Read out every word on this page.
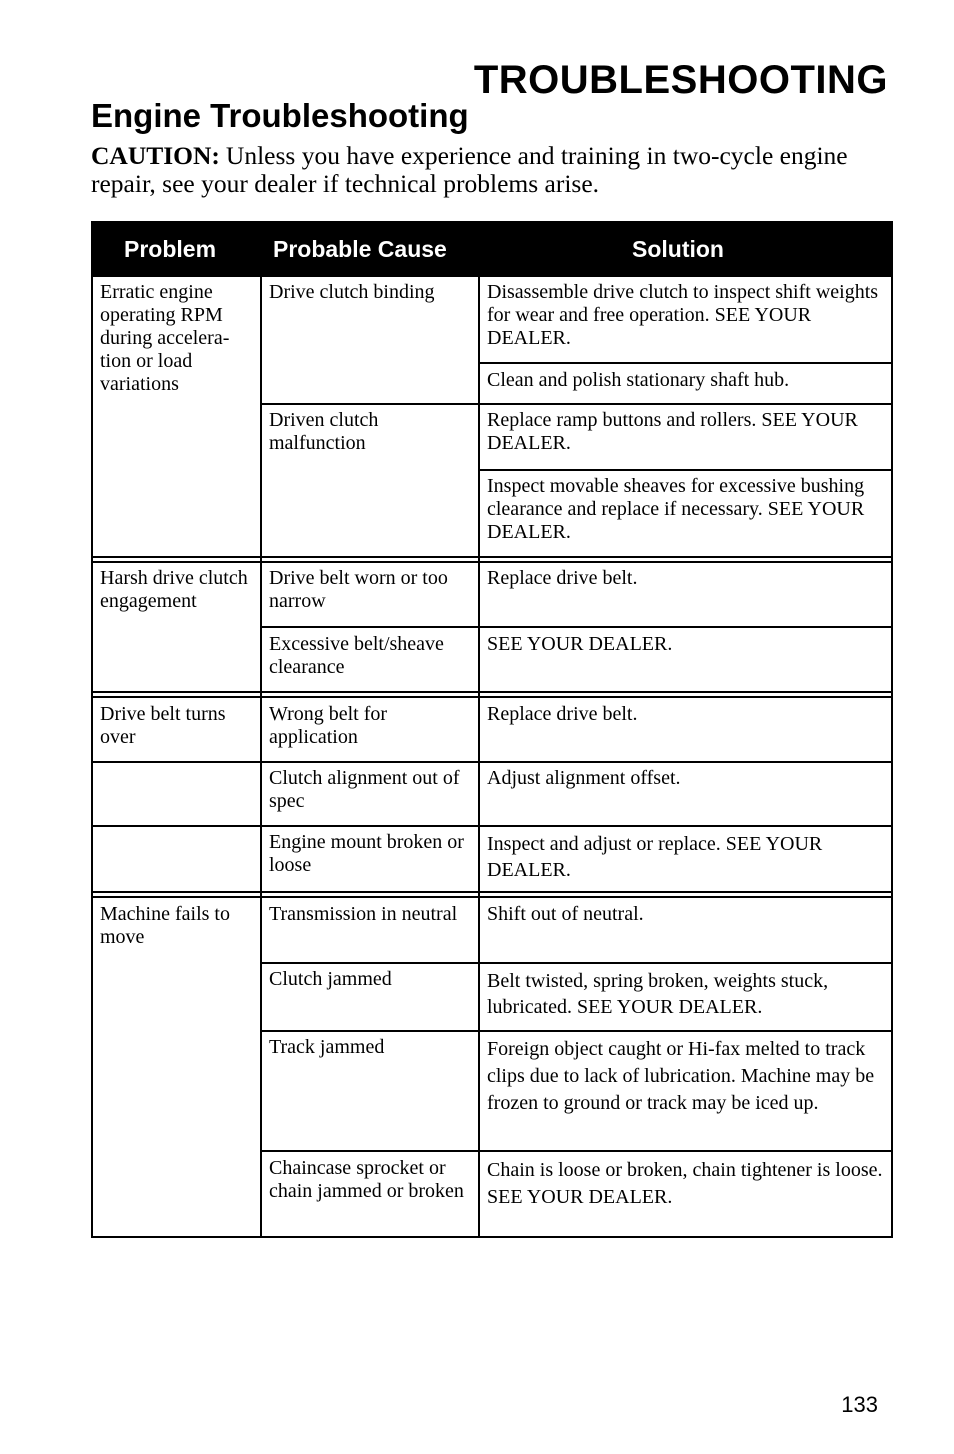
TROUBLESHOOTING
Engine Troubleshooting
CAUTION: Unless you have experience and training in two-cycle engine repair, see your dealer if technical problems arise.
Problem Probable Cause	Solution
Erratic engine operating RPM during accelera- tion or load variations
Harsh drive clutch engagement
Drive belt turns over
Machine fails to move
Drive clutch binding
Driven clutch malfunction
Drive belt worn or too narrow
Excessive belt/sheave clearance
Wrong belt for application
Clutch alignment out of spec
Engine mount broken or loose
Transmission in neutral
Clutch jammed
Track jammed
Chaincase sprocket or chain jammed or broken
Disassemble drive clutch to inspect shift weights for wear and free operation. SEE YOUR DEALER.
Clean and polish stationary shaft hub.
Replace ramp buttons and rollers. SEE YOUR DEALER.
Inspect movable sheaves for excessive bushing clearance and replace if necessary. SEE YOUR DEALER.
Replace drive belt.
SEE YOUR DEALER.
Replace drive belt.
Adjust alignment offset.
Inspect and adjust or replace. SEE YOUR DEALER.
Shift out of neutral.
Belt twisted, spring broken, weights stuck, lubricated. SEE YOUR DEALER.
Foreign object caught or Hi-fax melted to track clips due to lack of lubrication. Machine may be frozen to ground or track may be iced up.
Chain is loose or broken, chain tightener is loose. SEE YOUR DEALER.
133
